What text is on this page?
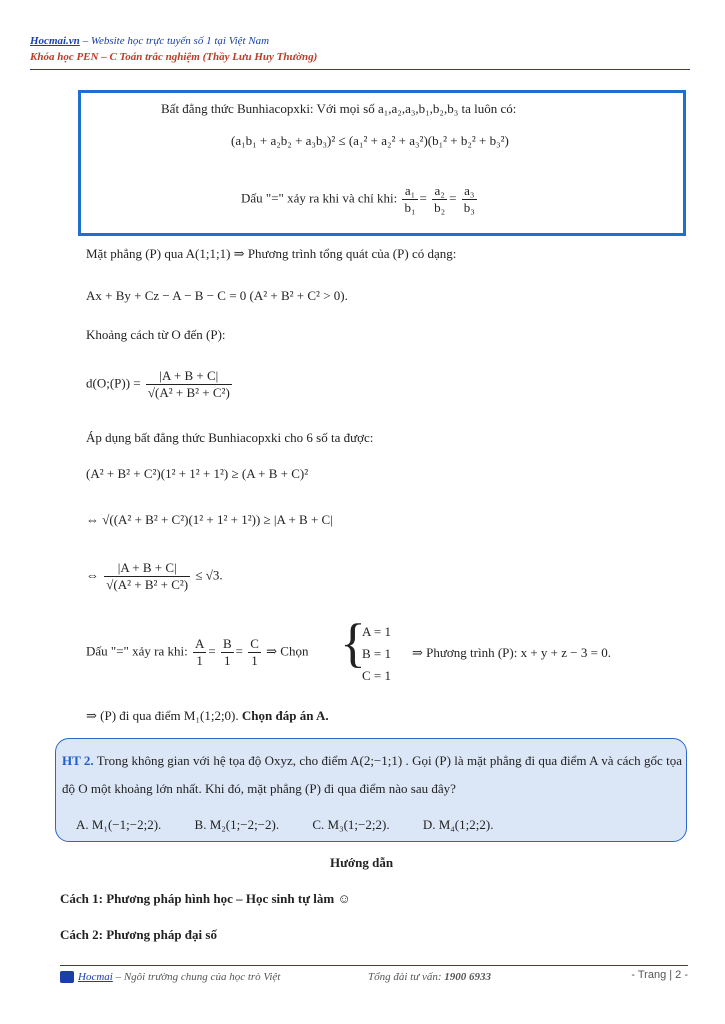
Hocmai.vn – Website học trực tuyến số 1 tại Việt Nam
Khóa học PEN – C Toán trắc nghiệm (Thầy Lưu Huy Thường)
Bất đẳng thức Bunhiacopxki: Với mọi số a₁,a₂,a₃,b₁,b₂,b₃ ta luôn có:
(a₁b₁ + a₂b₂ + a₃b₃)² ≤ (a₁² + a₂² + a₃²)(b₁² + b₂² + b₃²)
Dấu "=" xảy ra khi và chỉ khi: $\frac{\text{a₁}}{\text{b₁}} = \frac{\text{a₂}}{\text{b₂}} = \frac{\text{a₃}}{\text{b₃}}$
Mặt phẳng (P) qua A(1;1;1) ⇒ Phương trình tổng quát của (P) có dạng:
Ax + By + Cz − A − B − C = 0 (A² + B² + C² > 0).
Khoảng cách từ O đến (P):
d(O;(P)) = $\frac{|A + B + C|}{\text{√(A² + B² + C²)}}$
Áp dụng bất đẳng thức Bunhiacopxki cho 6 số ta được:
(A² + B² + C²)(1² + 1² + 1²) ≥ (A + B + C)²
⇔ √((A² + B² + C²)(1² + 1² + 1²)) ≥ |A + B + C|
⇔ $\frac{|A + B + C|}{\text{√(A² + B² + C²)}} \le √3$.
Dấu "=" xảy ra khi: $\frac{A}{1} = \frac{B}{1} = \frac{C}{1}$ ⇒ Chọn {
A = 1
B = 1
C = 1
⇒ Phương trình (P): x + y + z − 3 = 0.
⇒ (P) đi qua điểm M₁(1;2;0). Chọn đáp án A.
HT 2. Trong không gian với hệ tọa độ Oxyz, cho điểm A(2;−1;1) . Gọi (P) là mặt phẳng đi qua điểm A và cách gốc tọa độ O một khoảng lớn nhất. Khi đó, mặt phẳng (P) đi qua điểm nào sau đây?
A. M₁(−1;−2;2).	B. M₂(1;−2;−2).	C. M₃(1;−2;2).	D. M₄(1;2;2).
Hướng dẫn
Cách 1: Phương pháp hình học – Học sinh tự làm ☺
Cách 2: Phương pháp đại số
Hocmai – Ngôi trường chung của học trò Việt	Tổng đài tư vấn: 1900 6933	- Trang | 2 -
